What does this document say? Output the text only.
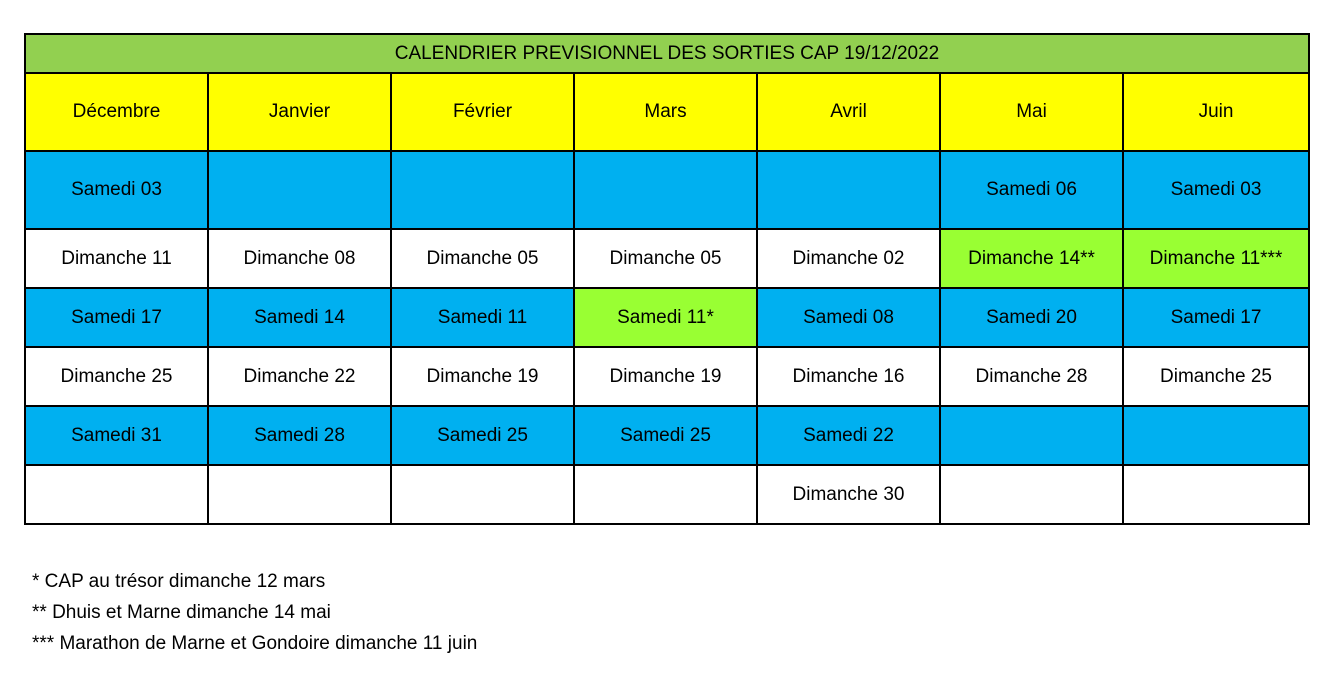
CALENDRIER PREVISIONNEL DES SORTIES CAP 19/12/2022						
Décembre	Janvier	Février	Mars	Avril	Mai	Juin
Samedi 03					Samedi 06	Samedi 03
Dimanche 11	Dimanche 08	Dimanche 05	Dimanche 05	Dimanche 02	Dimanche 14**	Dimanche 11***
Samedi 17	Samedi 14	Samedi 11	Samedi 11*	Samedi 08	Samedi 20	Samedi 17
Dimanche 25	Dimanche 22	Dimanche 19	Dimanche 19	Dimanche 16	Dimanche 28	Dimanche 25
Samedi 31	Samedi 28	Samedi 25	Samedi 25	Samedi 22		
				Dimanche 30		
* CAP au trésor dimanche 12 mars
** Dhuis et Marne dimanche 14 mai
*** Marathon de Marne et Gondoire dimanche 11 juin
